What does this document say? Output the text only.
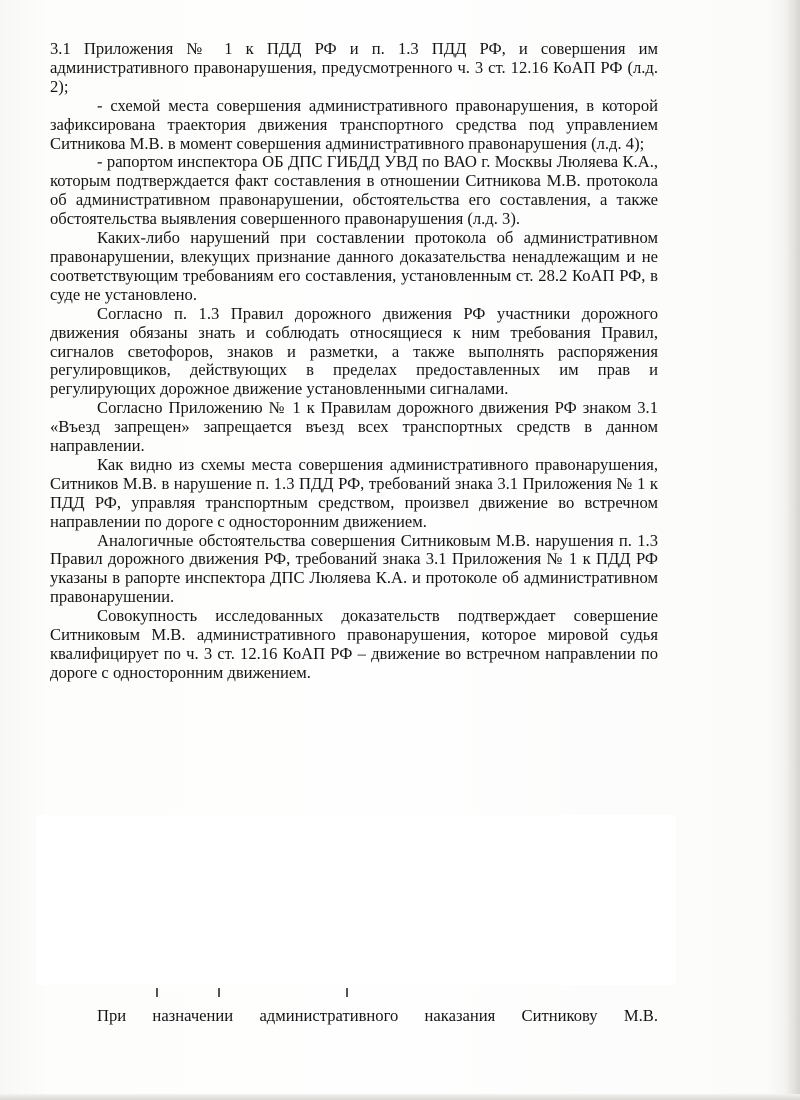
3.1 Приложения № 1 к ПДД РФ и п. 1.3 ПДД РФ, и совершения им административного правонарушения, предусмотренного ч. 3 ст. 12.16 КоАП РФ (л.д. 2);

- схемой места совершения административного правонарушения, в которой зафиксирована траектория движения транспортного средства под управлением Ситникова М.В. в момент совершения административного правонарушения (л.д. 4);

- рапортом инспектора ОБ ДПС ГИБДД УВД по ВАО г. Москвы Люляева К.А., которым подтверждается факт составления в отношении Ситникова М.В. протокола об административном правонарушении, обстоятельства его составления, а также обстоятельства выявления совершенного правонарушения (л.д. 3).

Каких-либо нарушений при составлении протокола об административном правонарушении, влекущих признание данного доказательства ненадлежащим и не соответствующим требованиям его составления, установленным ст. 28.2 КоАП РФ, в суде не установлено.

Согласно п. 1.3 Правил дорожного движения РФ участники дорожного движения обязаны знать и соблюдать относящиеся к ним требования Правил, сигналов светофоров, знаков и разметки, а также выполнять распоряжения регулировщиков, действующих в пределах предоставленных им прав и регулирующих дорожное движение установленными сигналами.

Согласно Приложению № 1 к Правилам дорожного движения РФ знаком 3.1 «Въезд запрещен» запрещается въезд всех транспортных средств в данном направлении.

Как видно из схемы места совершения административного правонарушения, Ситников М.В. в нарушение п. 1.3 ПДД РФ, требований знака 3.1 Приложения № 1 к ПДД РФ, управляя транспортным средством, произвел движение во встречном направлении по дороге с односторонним движением.

Аналогичные обстоятельства совершения Ситниковым М.В. нарушения п. 1.3 Правил дорожного движения РФ, требований знака 3.1 Приложения № 1 к ПДД РФ указаны в рапорте инспектора ДПС Люляева К.А. и протоколе об административном правонарушении.

Совокупность исследованных доказательств подтверждает совершение Ситниковым М.В. административного правонарушения, которое мировой судья квалифицирует по ч. 3 ст. 12.16 КоАП РФ – движение во встречном направлении по дороге с односторонним движением.

При назначении административного наказания Ситникову М.В.
